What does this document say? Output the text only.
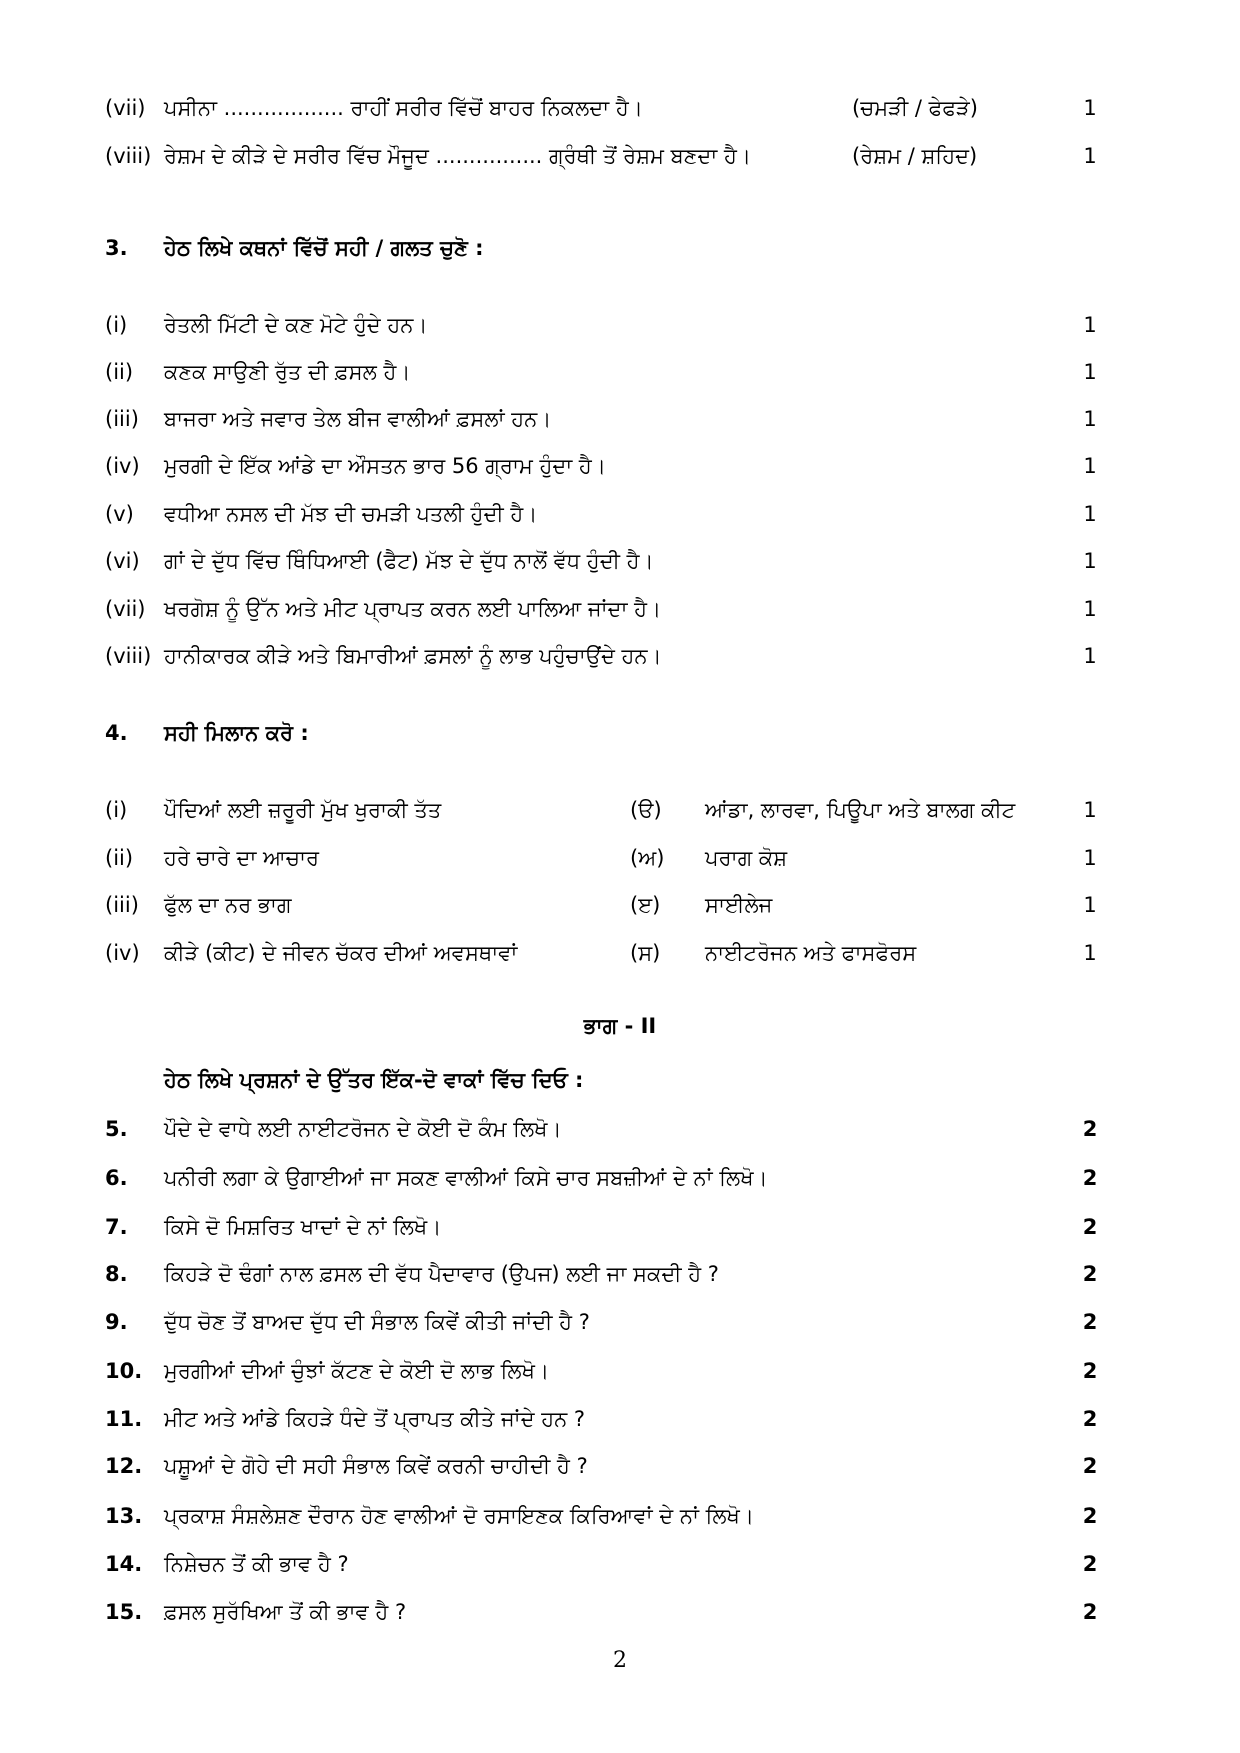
(vii) ਪਸੀਨਾ .................. ਰਾਹੀਂ ਸਰੀਰ ਵਿੱਚੋਂ ਬਾਹਰ ਨਿਕਲਦਾ ਹੈ।	(ਚਮੜੀ / ਫੇਫੜੇ)	1
(viii) ਰੇਸ਼ਮ ਦੇ ਕੀੜੇ ਦੇ ਸਰੀਰ ਵਿੱਚ ਮੌਜੂਦ ................ ਗ੍ਰੰਥੀ ਤੋਂ ਰੇਸ਼ਮ ਬਣਦਾ ਹੈ।	(ਰੇਸ਼ਮ / ਸ਼ਹਿਦ)	1
3. ਹੇਠ ਲਿਖੇ ਕਥਨਾਂ ਵਿੱਚੋਂ ਸਹੀ / ਗਲਤ ਚੁਣੋ :
(i) ਰੇਤਲੀ ਮਿੱਟੀ ਦੇ ਕਣ ਮੋਟੇ ਹੁੰਦੇ ਹਨ।	1
(ii) ਕਣਕ ਸਾਉਣੀ ਰੁੱਤ ਦੀ ਫ਼ਸਲ ਹੈ।	1
(iii) ਬਾਜਰਾ ਅਤੇ ਜਵਾਰ ਤੇਲ ਬੀਜ ਵਾਲੀਆਂ ਫ਼ਸਲਾਂ ਹਨ।	1
(iv) ਮੁਰਗੀ ਦੇ ਇੱਕ ਆਂਡੇ ਦਾ ਔਸਤਨ ਭਾਰ 56 ਗ੍ਰਾਮ ਹੁੰਦਾ ਹੈ।	1
(v) ਵਧੀਆ ਨਸਲ ਦੀ ਮੱਝ ਦੀ ਚਮੜੀ ਪਤਲੀ ਹੁੰਦੀ ਹੈ।	1
(vi) ਗਾਂ ਦੇ ਦੁੱਧ ਵਿੱਚ ਥਿੰਧਿਆਈ (ਫੈਟ) ਮੱਝ ਦੇ ਦੁੱਧ ਨਾਲੋਂ ਵੱਧ ਹੁੰਦੀ ਹੈ।	1
(vii) ਖਰਗੋਸ਼ ਨੂੰ ਉੱਨ ਅਤੇ ਮੀਟ ਪ੍ਰਾਪਤ ਕਰਨ ਲਈ ਪਾਲਿਆ ਜਾਂਦਾ ਹੈ।	1
(viii) ਹਾਨੀਕਾਰਕ ਕੀੜੇ ਅਤੇ ਬਿਮਾਰੀਆਂ ਫ਼ਸਲਾਂ ਨੂੰ ਲਾਭ ਪਹੁੰਚਾਉਂਦੇ ਹਨ।	1
4. ਸਹੀ ਮਿਲਾਨ ਕਰੋ :
(i) ਪੌਦਿਆਂ ਲਈ ਜ਼ਰੂਰੀ ਮੁੱਖ ਖੁਰਾਕੀ ਤੱਤ	(ੳ) ਆਂਡਾ, ਲਾਰਵਾ, ਪਿਊਪਾ ਅਤੇ ਬਾਲਗ ਕੀਟ	1
(ii) ਹਰੇ ਚਾਰੇ ਦਾ ਆਚਾਰ	(ਅ) ਪਰਾਗ ਕੋਸ਼	1
(iii) ਫੁੱਲ ਦਾ ਨਰ ਭਾਗ	(ੲ) ਸਾਈਲੇਜ	1
(iv) ਕੀੜੇ (ਕੀਟ) ਦੇ ਜੀਵਨ ਚੱਕਰ ਦੀਆਂ ਅਵਸਥਾਵਾਂ	(ਸ) ਨਾਈਟਰੋਜਨ ਅਤੇ ਫਾਸਫੋਰਸ	1
ਭਾਗ - II
ਹੇਠ ਲਿਖੇ ਪ੍ਰਸ਼ਨਾਂ ਦੇ ਉੱਤਰ ਇੱਕ-ਦੋ ਵਾਕਾਂ ਵਿੱਚ ਦਿਓ :
5. ਪੌਦੇ ਦੇ ਵਾਧੇ ਲਈ ਨਾਈਟਰੋਜਨ ਦੇ ਕੋਈ ਦੋ ਕੰਮ ਲਿਖੋ।	2
6. ਪਨੀਰੀ ਲਗਾ ਕੇ ਉਗਾਈਆਂ ਜਾ ਸਕਣ ਵਾਲੀਆਂ ਕਿਸੇ ਚਾਰ ਸਬਜ਼ੀਆਂ ਦੇ ਨਾਂ ਲਿਖੋ।	2
7. ਕਿਸੇ ਦੋ ਮਿਸ਼ਰਿਤ ਖਾਦਾਂ ਦੇ ਨਾਂ ਲਿਖੋ।	2
8. ਕਿਹੜੇ ਦੋ ਢੰਗਾਂ ਨਾਲ ਫ਼ਸਲ ਦੀ ਵੱਧ ਪੈਦਾਵਾਰ (ਉਪਜ) ਲਈ ਜਾ ਸਕਦੀ ਹੈ ?	2
9. ਦੁੱਧ ਚੋਣ ਤੋਂ ਬਾਅਦ ਦੁੱਧ ਦੀ ਸੰਭਾਲ ਕਿਵੇਂ ਕੀਤੀ ਜਾਂਦੀ ਹੈ ?	2
10. ਮੁਰਗੀਆਂ ਦੀਆਂ ਚੁੰਝਾਂ ਕੱਟਣ ਦੇ ਕੋਈ ਦੋ ਲਾਭ ਲਿਖੋ।	2
11. ਮੀਟ ਅਤੇ ਆਂਡੇ ਕਿਹੜੇ ਧੰਦੇ ਤੋਂ ਪ੍ਰਾਪਤ ਕੀਤੇ ਜਾਂਦੇ ਹਨ ?	2
12. ਪਸ਼ੂਆਂ ਦੇ ਗੋਹੇ ਦੀ ਸਹੀ ਸੰਭਾਲ ਕਿਵੇਂ ਕਰਨੀ ਚਾਹੀਦੀ ਹੈ ?	2
13. ਪ੍ਰਕਾਸ਼ ਸੰਸ਼ਲੇਸ਼ਣ ਦੌਰਾਨ ਹੋਣ ਵਾਲੀਆਂ ਦੋ ਰਸਾਇਣਕ ਕਿਰਿਆਵਾਂ ਦੇ ਨਾਂ ਲਿਖੋ।	2
14. ਨਿਸ਼ੇਚਨ ਤੋਂ ਕੀ ਭਾਵ ਹੈ ?	2
15. ਫ਼ਸਲ ਸੁਰੱਖਿਆ ਤੋਂ ਕੀ ਭਾਵ ਹੈ ?	2
2
